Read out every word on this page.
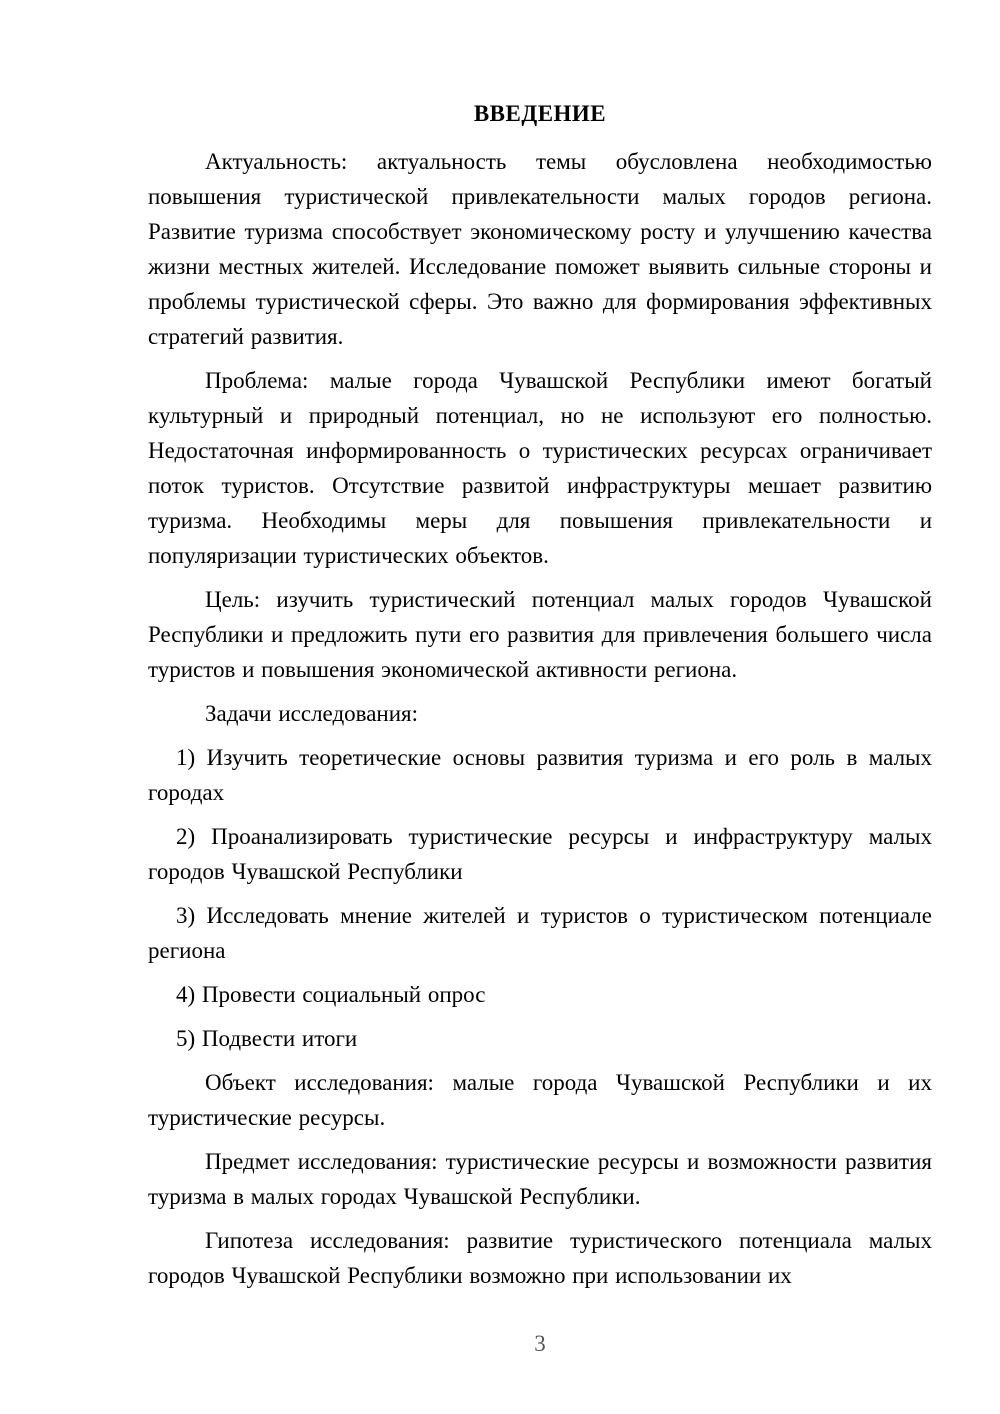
ВВЕДЕНИЕ

Актуальность: актуальность темы обусловлена необходимостью повышения туристической привлекательности малых городов региона. Развитие туризма способствует экономическому росту и улучшению качества жизни местных жителей. Исследование поможет выявить сильные стороны и проблемы туристической сферы. Это важно для формирования эффективных стратегий развития.

Проблема: малые города Чувашской Республики имеют богатый культурный и природный потенциал, но не используют его полностью. Недостаточная информированность о туристических ресурсах ограничивает поток туристов. Отсутствие развитой инфраструктуры мешает развитию туризма. Необходимы меры для повышения привлекательности и популяризации туристических объектов.

Цель: изучить туристический потенциал малых городов Чувашской Республики и предложить пути его развития для привлечения большего числа туристов и повышения экономической активности региона.

Задачи исследования:

1) Изучить теоретические основы развития туризма и его роль в малых городах

2) Проанализировать туристические ресурсы и инфраструктуру малых городов Чувашской Республики

3) Исследовать мнение жителей и туристов о туристическом потенциале региона

4) Провести социальный опрос

5) Подвести итоги

Объект исследования: малые города Чувашской Республики и их туристические ресурсы.

Предмет исследования: туристические ресурсы и возможности развития туризма в малых городах Чувашской Республики.

Гипотеза исследования: развитие туристического потенциала малых городов Чувашской Республики возможно при использовании их

3
